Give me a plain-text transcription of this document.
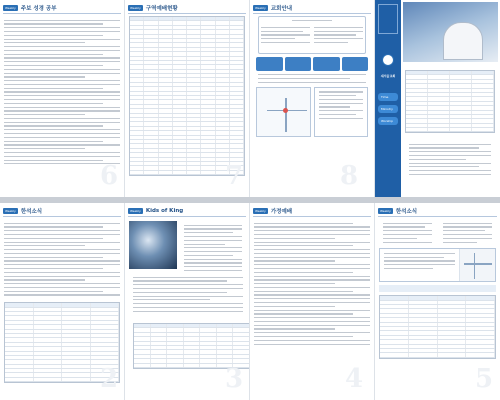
Weekly 주보 성경 공부
6
Weekly 구역예배현황
7
Weekly 교회안내
8
새서울교회
Time
Ministry
Worship
Weekly 한석소식
2
Weekly Kids of King
3
Weekly 가정예배
4
Weekly 한석소식
5
